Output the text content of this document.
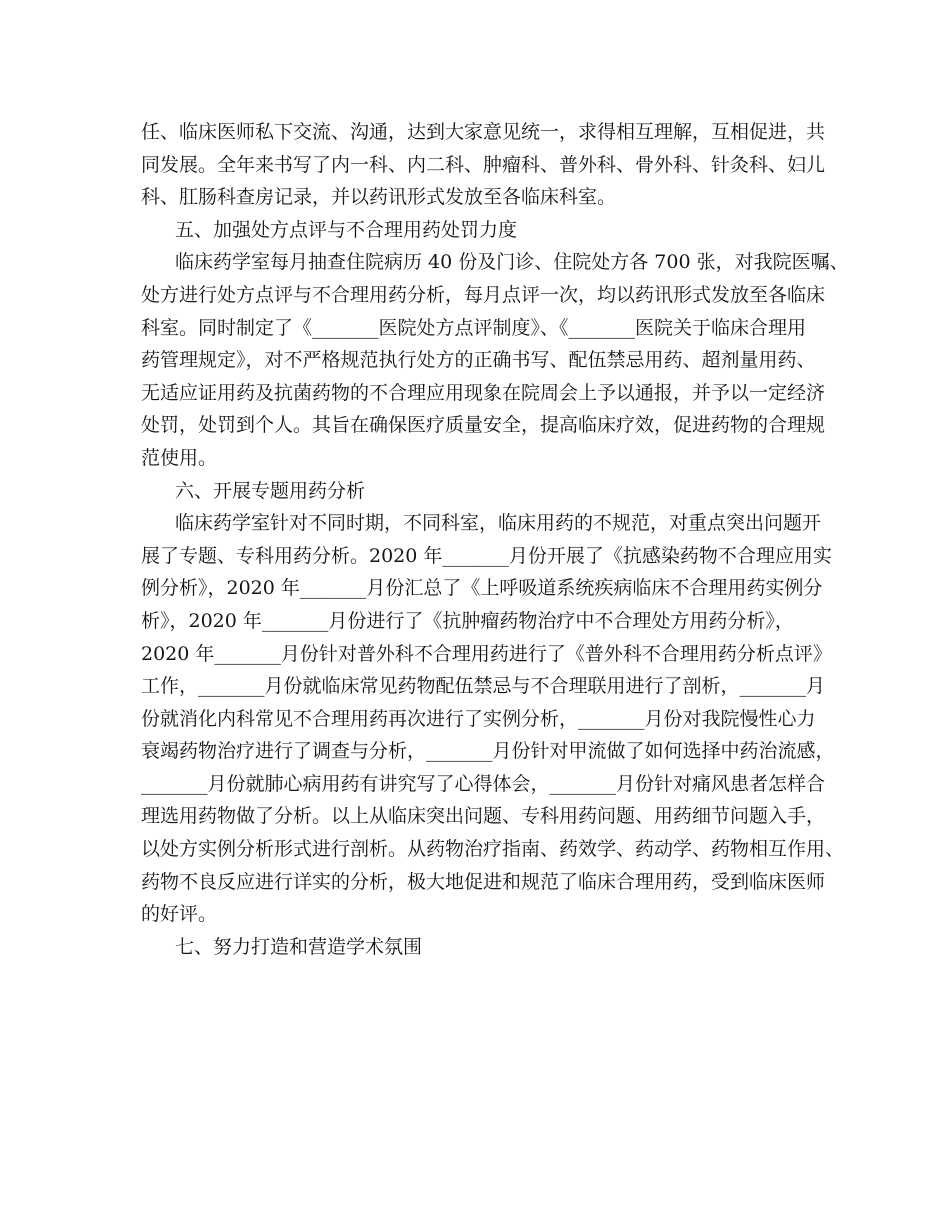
任、临床医师私下交流、沟通，达到大家意见统一，求得相互理解，互相促进，共
同发展。全年来书写了内一科、内二科、肿瘤科、普外科、骨外科、针灸科、妇儿
科、肛肠科查房记录，并以药讯形式发放至各临床科室。
五、加强处方点评与不合理用药处罚力度
临床药学室每月抽查住院病历 40 份及门诊、住院处方各 700 张，对我院医嘱、
处方进行处方点评与不合理用药分析，每月点评一次，均以药讯形式发放至各临床
科室。同时制定了《_______医院处方点评制度》、《_______医院关于临床合理用
药管理规定》，对不严格规范执行处方的正确书写、配伍禁忌用药、超剂量用药、
无适应证用药及抗菌药物的不合理应用现象在院周会上予以通报，并予以一定经济
处罚，处罚到个人。其旨在确保医疗质量安全，提高临床疗效，促进药物的合理规
范使用。
六、开展专题用药分析
临床药学室针对不同时期，不同科室，临床用药的不规范，对重点突出问题开
展了专题、专科用药分析。2020 年_______月份开展了《抗感染药物不合理应用实
例分析》，2020 年_______月份汇总了《上呼吸道系统疾病临床不合理用药实例分
析》，2020 年_______月份进行了《抗肿瘤药物治疗中不合理处方用药分析》，
2020 年_______月份针对普外科不合理用药进行了《普外科不合理用药分析点评》
工作，_______月份就临床常见药物配伍禁忌与不合理联用进行了剖析，_______月
份就消化内科常见不合理用药再次进行了实例分析，_______月份对我院慢性心力
衰竭药物治疗进行了调查与分析，_______月份针对甲流做了如何选择中药治流感，
_______月份就肺心病用药有讲究写了心得体会，_______月份针对痛风患者怎样合
理选用药物做了分析。以上从临床突出问题、专科用药问题、用药细节问题入手，
以处方实例分析形式进行剖析。从药物治疗指南、药效学、药动学、药物相互作用、
药物不良反应进行详实的分析，极大地促进和规范了临床合理用药，受到临床医师
的好评。
七、努力打造和营造学术氛围
